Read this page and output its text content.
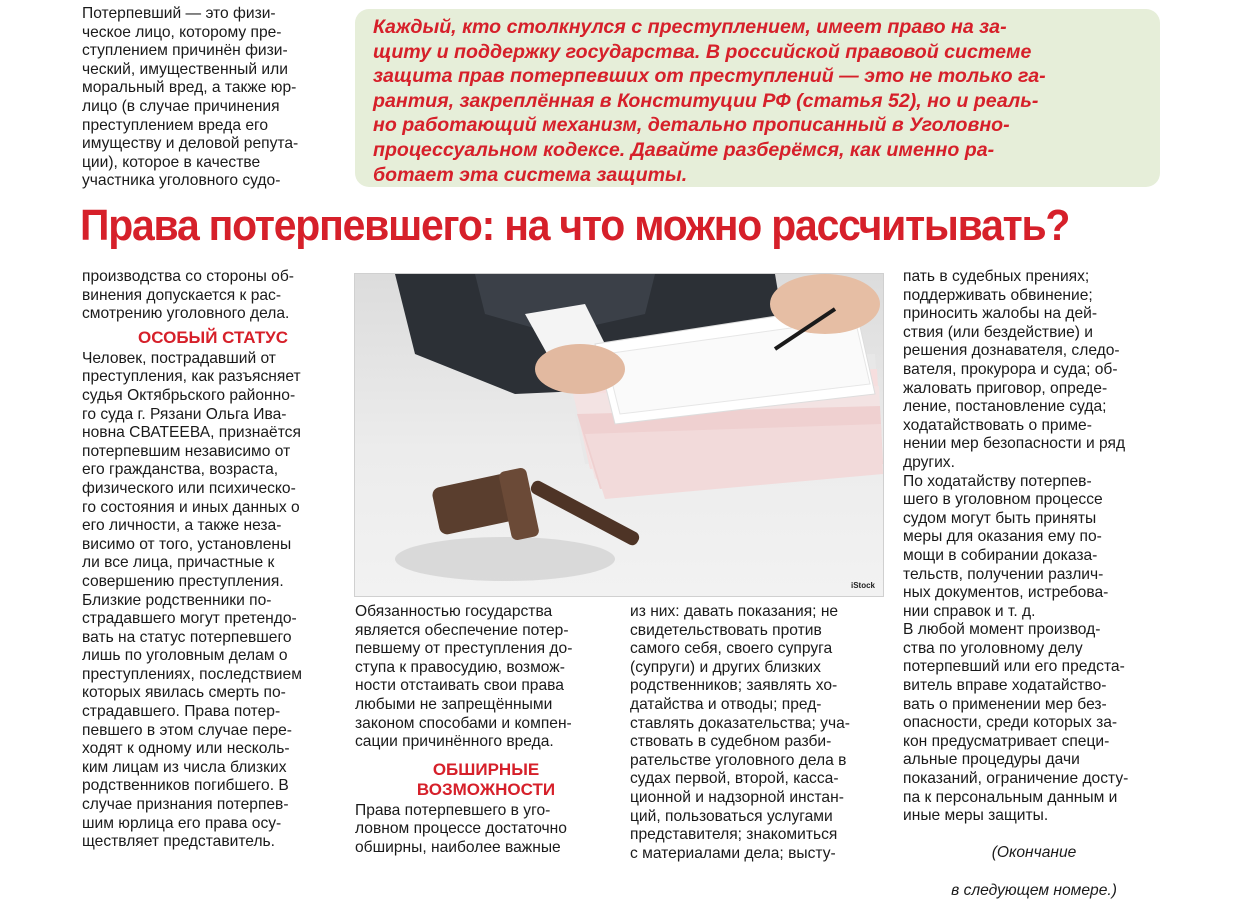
Потерпевший — это физи-
ческое лицо, которому пре-
ступлением причинён физи-
ческий, имущественный или
моральный вред, а также юр-
лицо (в случае причинения
преступлением вреда его
имуществу и деловой репута-
ции), которое в качестве
участника уголовного судо-

Каждый, кто столкнулся с преступлением, имеет право на за-
щиту и поддержку государства. В российской правовой системе
защита прав потерпевших от преступлений — это не только га-
рантия, закреплённая в Конституции РФ (статья 52), но и реаль-
но работающий механизм, детально прописанный в Уголовно-
процессуальном кодексе. Давайте разберёмся, как именно ра-
ботает эта система защиты.

Права потерпевшего: на что можно рассчитывать?

производства со стороны об-
винения допускается к рас-
смотрению уголовного дела.

ОСОБЫЙ СТАТУС

Человек, пострадавший от
преступления, как разъясняет
судья Октябрьского районно-
го суда г. Рязани Ольга Ива-
новна СВАТЕЕВА, признаётся
потерпевшим независимо от
его гражданства, возраста,
физического или психическо-
го состояния и иных данных о
его личности, а также неза-
висимо от того, установлены
ли все лица, причастные к
совершению преступления.

Близкие родственники по-
страдавшего могут претендо-
вать на статус потерпевшего
лишь по уголовным делам о
преступлениях, последствием
которых явилась смерть по-
страдавшего. Права потер-
певшего в этом случае пере-
ходят к одному или несколь-
ким лицам из числа близких
родственников погибшего. В
случае признания потерпев-
шим юрлица его права осу-
ществляет представитель.

iStock

Обязанностью государства
является обеспечение потер-
певшему от преступления до-
ступа к правосудию, возмож-
ности отстаивать свои права
любыми не запрещёнными
законом способами и компен-
сации причинённого вреда.

ОБШИРНЫЕ
ВОЗМОЖНОСТИ

Права потерпевшего в уго-
ловном процессе достаточно
обширны, наиболее важные

из них: давать показания; не
свидетельствовать против
самого себя, своего супруга
(супруги) и других близких
родственников; заявлять хо-
датайства и отводы; пред-
ставлять доказательства; уча-
ствовать в судебном разби-
рательстве уголовного дела в
судах первой, второй, касса-
ционной и надзорной инстан-
ций, пользоваться услугами
представителя; знакомиться
с материалами дела; высту-

пать в судебных прениях;
поддерживать обвинение;
приносить жалобы на дей-
ствия (или бездействие) и
решения дознавателя, следо-
вателя, прокурора и суда; об-
жаловать приговор, опреде-
ление, постановление суда;
ходатайствовать о приме-
нении мер безопасности и ряд
других.

По ходатайству потерпев-
шего в уголовном процессе
судом могут быть приняты
меры для оказания ему по-
мощи в собирании доказа-
тельств, получении различ-
ных документов, истребова-
нии справок и т. д.

В любой момент производ-
ства по уголовному делу
потерпевший или его предста-
витель вправе ходатайство-
вать о применении мер без-
опасности, среди которых за-
кон предусматривает специ-
альные процедуры дачи
показаний, ограничение досту-
па к персональным данным и
иные меры защиты.

(Окончание

в следующем номере.)
